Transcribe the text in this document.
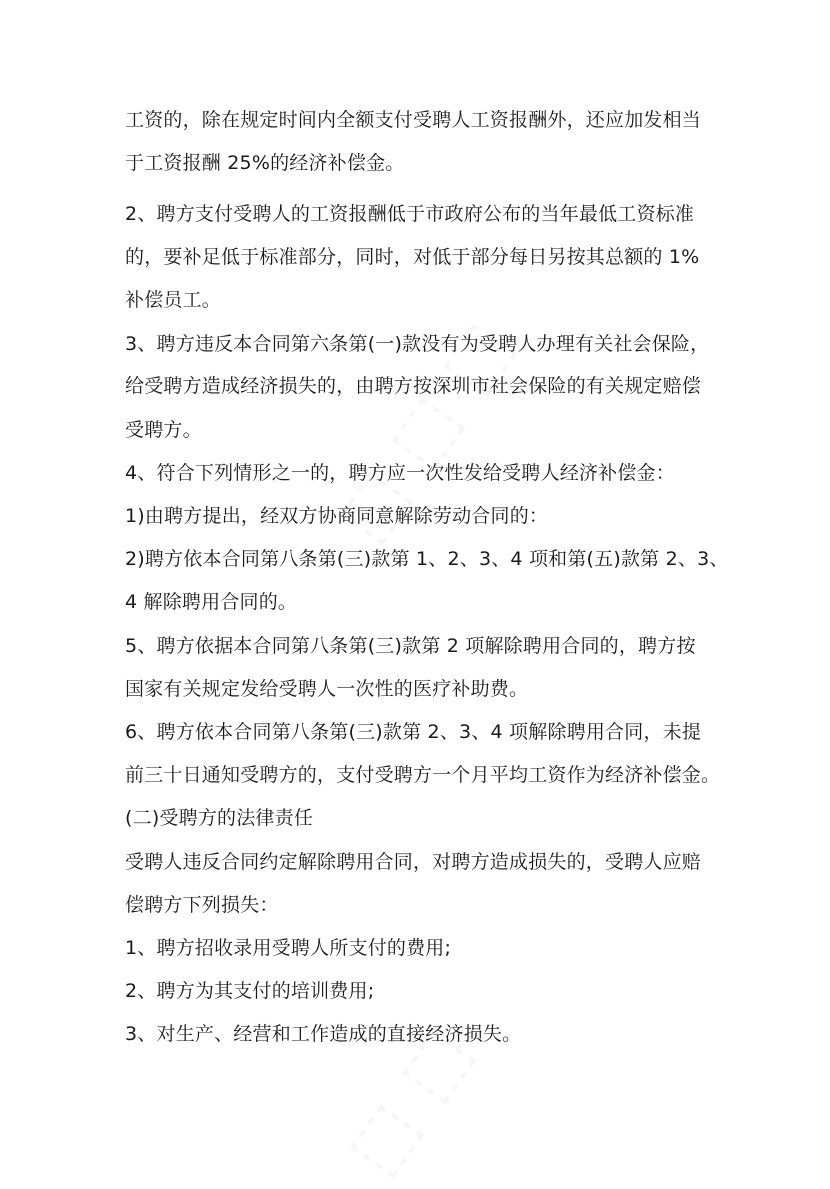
工资的，除在规定时间内全额支付受聘人工资报酬外，还应加发相当
于工资报酬 25%的经济补偿金。
2、聘方支付受聘人的工资报酬低于市政府公布的当年最低工资标准
的，要补足低于标准部分，同时，对低于部分每日另按其总额的 1%
补偿员工。
3、聘方违反本合同第六条第(一)款没有为受聘人办理有关社会保险，
给受聘方造成经济损失的，由聘方按深圳市社会保险的有关规定赔偿
受聘方。
4、符合下列情形之一的，聘方应一次性发给受聘人经济补偿金：
1)由聘方提出，经双方协商同意解除劳动合同的：
2)聘方依本合同第八条第(三)款第 1、2、3、4 项和第(五)款第 2、3、
4 解除聘用合同的。
5、聘方依据本合同第八条第(三)款第 2 项解除聘用合同的，聘方按
国家有关规定发给受聘人一次性的医疗补助费。
6、聘方依本合同第八条第(三)款第 2、3、4 项解除聘用合同，未提
前三十日通知受聘方的，支付受聘方一个月平均工资作为经济补偿金。
(二)受聘方的法律责任
受聘人违反合同约定解除聘用合同，对聘方造成损失的，受聘人应赔
偿聘方下列损失：
1、聘方招收录用受聘人所支付的费用;
2、聘方为其支付的培训费用;
3、对生产、经营和工作造成的直接经济损失。
